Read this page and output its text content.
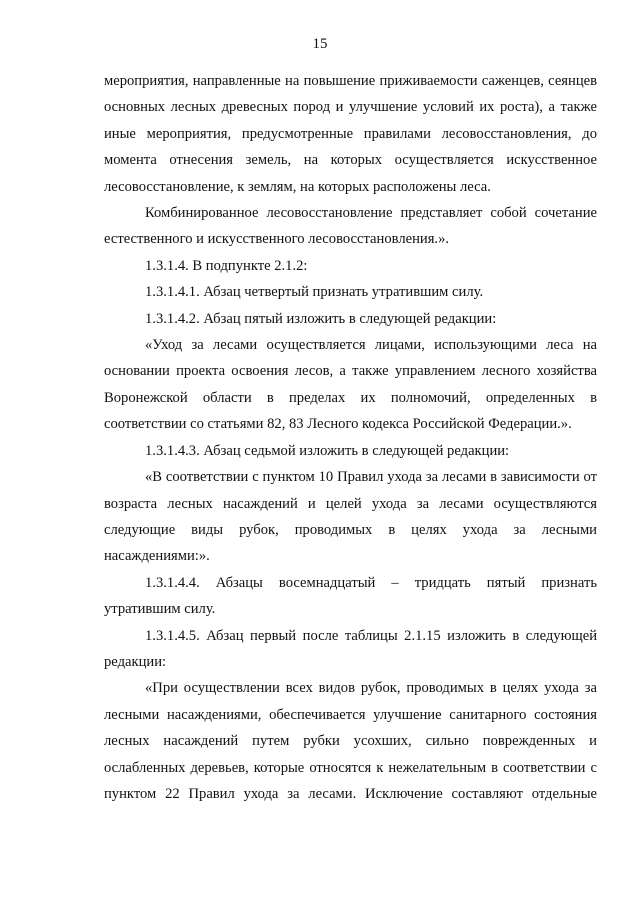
15

мероприятия, направленные на повышение приживаемости саженцев, сеянцев основных лесных древесных пород и улучшение условий их роста), а также иные мероприятия, предусмотренные правилами лесовосстановления, до момента отнесения земель, на которых осуществляется искусственное лесовосстановление, к землям, на которых расположены леса.

Комбинированное лесовосстановление представляет собой сочетание естественного и искусственного лесовосстановления.».

1.3.1.4. В подпункте 2.1.2:

1.3.1.4.1. Абзац четвертый признать утратившим силу.

1.3.1.4.2. Абзац пятый изложить в следующей редакции:

«Уход за лесами осуществляется лицами, использующими леса на основании проекта освоения лесов, а также управлением лесного хозяйства Воронежской области в пределах их полномочий, определенных в соответствии со статьями 82, 83 Лесного кодекса Российской Федерации.».

1.3.1.4.3. Абзац седьмой изложить в следующей редакции:

«В соответствии с пунктом 10 Правил ухода за лесами в зависимости от возраста лесных насаждений и целей ухода за лесами осуществляются следующие виды рубок, проводимых в целях ухода за лесными насаждениями:».

1.3.1.4.4. Абзацы восемнадцатый – тридцать пятый признать утратившим силу.

1.3.1.4.5. Абзац первый после таблицы 2.1.15 изложить в следующей редакции:

«При осуществлении всех видов рубок, проводимых в целях ухода за лесными насаждениями, обеспечивается улучшение санитарного состояния лесных насаждений путем рубки усохших, сильно поврежденных и ослабленных деревьев, которые относятся к нежелательным в соответствии с пунктом 22 Правил ухода за лесами. Исключение составляют отдельные
